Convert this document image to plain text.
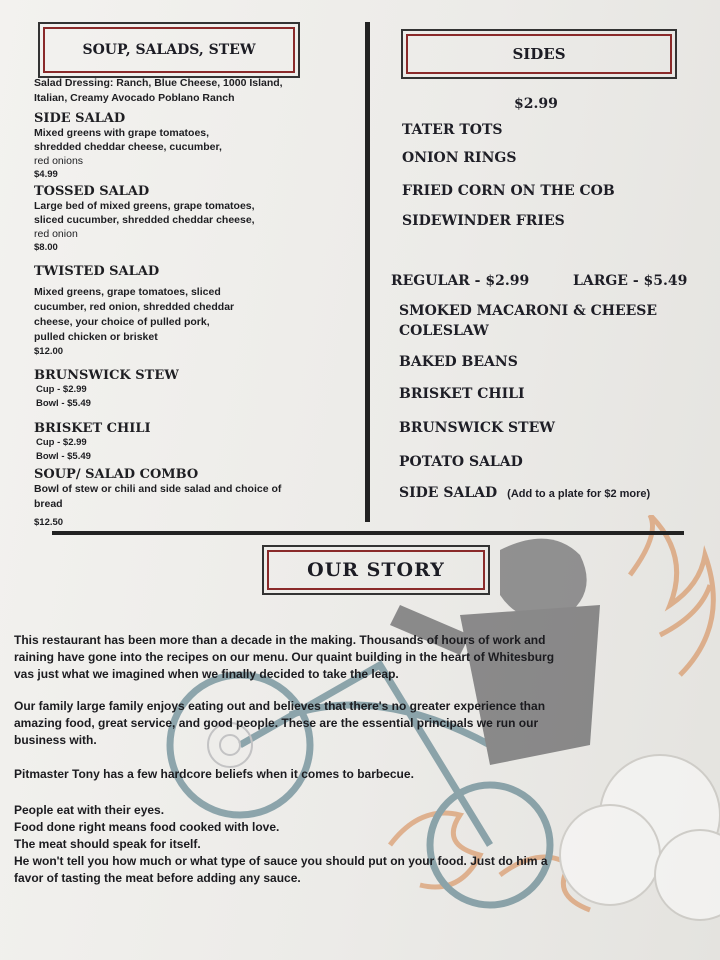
SOUP, SALADS, STEW	SIDES
Salad Dressing: Ranch, Blue Cheese, 1000 Island,
Italian, Creamy Avocado Poblano Ranch
SIDE SALAD
Mixed greens with grape tomatoes,
shredded cheddar cheese, cucumber,
red onions
$4.99
TOSSED SALAD
Large bed of mixed greens, grape tomatoes,
sliced cucumber, shredded cheddar cheese,
red onion
$8.00
TWISTED SALAD
Mixed greens, grape tomatoes, sliced
cucumber, red onion, shredded cheddar
cheese, your choice of pulled pork,
pulled chicken or brisket
$12.00
BRUNSWICK STEW
Cup - $2.99
Bowl - $5.49
BRISKET CHILI
Cup - $2.99
Bowl - $5.49
SOUP/ SALAD COMBO
Bowl of stew or chili and side salad and choice of
bread
$12.50
$2.99
TATER TOTS
ONION RINGS
FRIED CORN ON THE COB
SIDEWINDER FRIES
REGULAR - $2.99	LARGE - $5.49
SMOKED MACARONI & CHEESE
COLESLAW
BAKED BEANS
BRISKET CHILI
BRUNSWICK STEW
POTATO SALAD
SIDE SALAD (Add to a plate for $2 more)
OUR STORY

This restaurant has been more than a decade in the making. Thousands of hours of work and

raining have gone into the recipes on our menu. Our quaint building in the heart of Whitesburg

vas just what we imagined when we finally decided to take the leap.

Our family large family enjoys eating out and believes that there's no greater experience than

amazing food, great service, and good people. These are the essential principals we run our

business with.

Pitmaster Tony has a few hardcore beliefs when it comes to barbecue.

People eat with their eyes.

Food done right means food cooked with love.

The meat should speak for itself.

He won't tell you how much or what type of sauce you should put on your food. Just do him a

favor of tasting the meat before adding any sauce.
